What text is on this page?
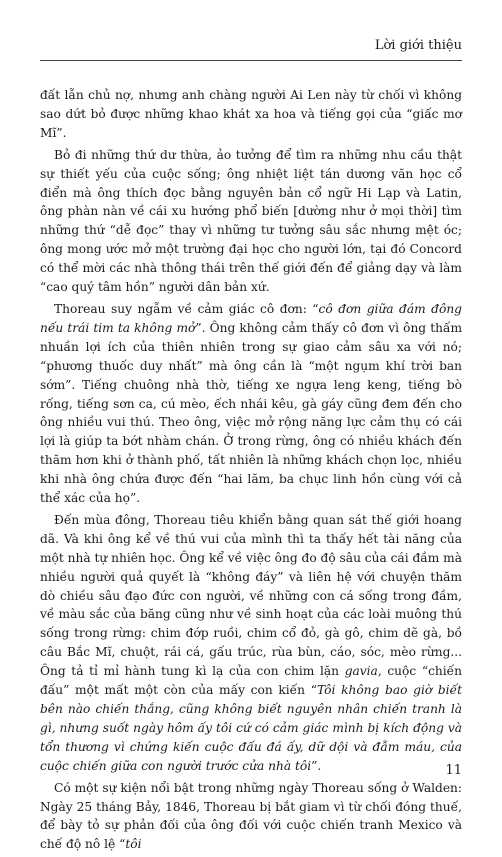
Lời giới thiệu

đất lẫn chủ nợ, nhưng anh chàng người Ai Len này từ chối vì không sao dứt bỏ được những khao khát xa hoa và tiếng gọi của “giấc mơ Mĩ”.

Bỏ đi những thứ dư thừa, ảo tưởng để tìm ra những nhu cầu thật sự thiết yếu của cuộc sống; ông nhiệt liệt tán dương văn học cổ điển mà ông thích đọc bằng nguyên bản cổ ngữ Hi Lạp và Latin, ông phàn nàn về cái xu hướng phổ biến [dường như ở mọi thời] tìm những thứ “dễ đọc” thay vì những tư tưởng sâu sắc nhưng mệt óc; ông mong ước mở một trường đại học cho người lớn, tại đó Concord có thể mời các nhà thông thái trên thế giới đến để giảng dạy và làm “cao quý tâm hồn” người dân bản xứ.

Thoreau suy ngẫm về cảm giác cô đơn: “cô đơn giữa đám đông nếu trái tim ta không mở”. Ông không cảm thấy cô đơn vì ông thấm nhuần lợi ích của thiên nhiên trong sự giao cảm sâu xa với nó; “phương thuốc duy nhất” mà ông cần là “một ngụm khí trời ban sớm”. Tiếng chuông nhà thờ, tiếng xe ngựa leng keng, tiếng bò rống, tiếng sơn ca, cú mèo, ếch nhái kêu, gà gáy cũng đem đến cho ông nhiều vui thú. Theo ông, việc mở rộng năng lực cảm thụ có cái lợi là giúp ta bớt nhàm chán. Ở trong rừng, ông có nhiều khách đến thăm hơn khi ở thành phố, tất nhiên là những khách chọn lọc, nhiều khi nhà ông chứa được đến “hai lăm, ba chục linh hồn cùng với cả thể xác của họ”.

Đến mùa đông, Thoreau tiêu khiển bằng quan sát thế giới hoang dã. Và khi ông kể về thú vui của mình thì ta thấy hết tài năng của một nhà tự nhiên học. Ông kể về việc ông đo độ sâu của cái đầm mà nhiều người quả quyết là “không đáy” và liên hệ với chuyện thăm dò chiều sâu đạo đức con người, về những con cá sống trong đầm, về màu sắc của băng cũng như về sinh hoạt của các loài muông thú sống trong rừng: chim đớp ruồi, chim cổ đỏ, gà gô, chim dẽ gà, bồ câu Bắc Mĩ, chuột, rái cá, gấu trúc, rùa bùn, cáo, sóc, mèo rừng... Ông tả tỉ mỉ hành tung kì lạ của con chim lặn gavia, cuộc “chiến đấu” một mất một còn của mấy con kiến “Tôi không bao giờ biết bên nào chiến thắng, cũng không biết nguyên nhân chiến tranh là gì, nhưng suốt ngày hôm ấy tôi cứ có cảm giác mình bị kích động và tổn thương vì chứng kiến cuộc đấu đá ấy, dữ dội và đẫm máu, của cuộc chiến giữa con người trước cửa nhà tôi”.

Có một sự kiện nổi bật trong những ngày Thoreau sống ở Walden: Ngày 25 tháng Bảy, 1846, Thoreau bị bắt giam vì từ chối đóng thuế, để bày tỏ sự phản đối của ông đối với cuộc chiến tranh Mexico và chế độ nô lệ “tôi

11
